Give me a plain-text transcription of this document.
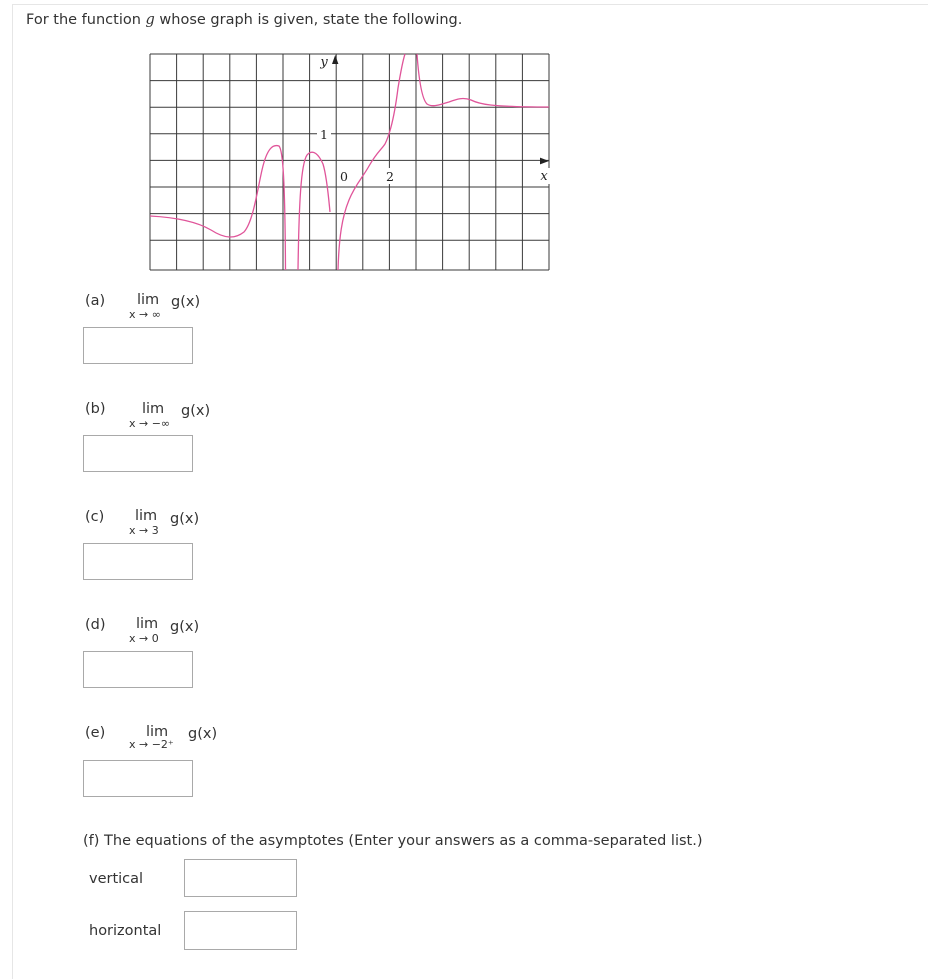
For the function g whose graph is given, state the following.
y
1
0	2	x
(a) lim
x → ∞
g(x)
(b)	lim
x → −∞
g(x)
(c) lim
x → 3
g(x)
(d) lim
x → 0
g(x)
(e)	lim
x → −2⁺
g(x)
(f) The equations of the asymptotes (Enter your answers as a comma-separated list.)
vertical
horizontal
